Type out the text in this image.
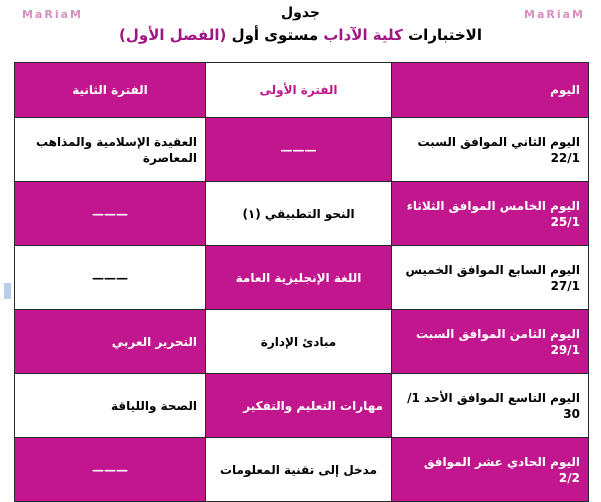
MaRiaM	MaRiaM
جدول
الاختبارات كلية الآداب مستوى أول (الفصل الأول)
اليوم	الفترة الأولى	الفترة الثانية
اليوم الثاني الموافق السبت 22/1	———	العقيدة الإسلامية والمذاهب المعاصرة
اليوم الخامس الموافق الثلاثاء 25/1	النحو التطبيقي (١)	———
اليوم السابع الموافق الخميس 27/1	اللغة الإنجليزية العامة	———
اليوم الثامن الموافق السبت 29/1	مبادئ الإدارة	التحرير العربي
اليوم التاسع الموافق الأحد 1/ 30	مهارات التعليم والتفكير	الصحة واللياقة
اليوم الحادي عشر الموافق 2/2	مدخل إلى تقنية المعلومات	———
